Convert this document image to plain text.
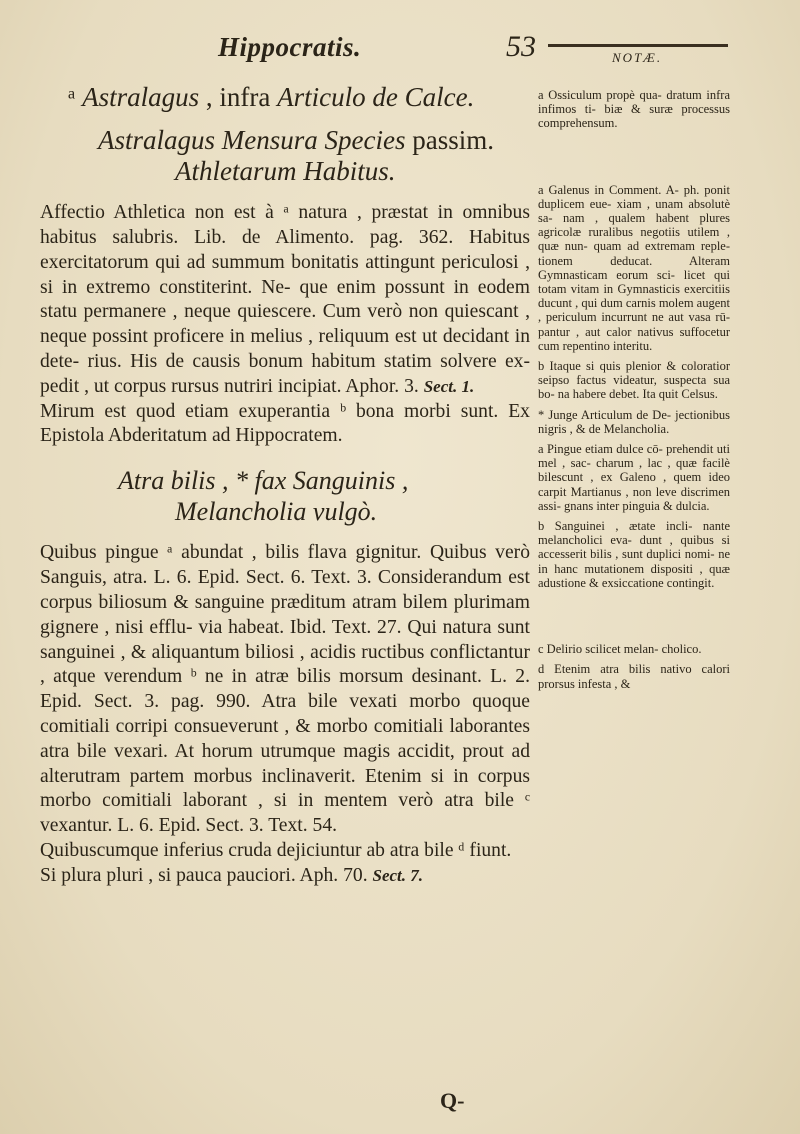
Hippocratis.	53	NOTÆ.
ᵃ Astralagus , infra Articulo de Calce.
Astralagus Mensura Species passim.
Athletarum Habitus.

Affectio Athletica non est à ᵃ natura , præstat in omnibus habitus salubris. Lib. de Alimento. pag. 362. Habitus exercitatorum qui ad summum bonitatis attingunt periculosi , si in extremo constiterint. Ne- que enim possunt in eodem statu permanere , neque quiescere. Cum verò non quiescant , neque possint proficere in melius , reliquum est ut decidant in dete- rius. His de causis bonum habitum statim solvere ex- pedit , ut corpus rursus nutriri incipiat. Aphor. 3. Sect. 1.

Mirum est quod etiam exuperantia ᵇ bona morbi sunt. Ex Epistola Abderitatum ad Hippocratem.

Atra bilis , * fax Sanguinis ,
Melancholia vulgò.

Quibus pingue ᵃ abundat , bilis flava gignitur. Quibus verò Sanguis, atra. L. 6. Epid. Sect. 6. Text. 3. Considerandum est corpus biliosum & sanguine præditum atram bilem plurimam gignere , nisi efflu- via habeat. Ibid. Text. 27. Qui natura sunt sanguinei , & aliquantum biliosi , acidis ructibus conflictantur , atque verendum ᵇ ne in atræ bilis morsum desinant. L. 2. Epid. Sect. 3. pag. 990. Atra bile vexati morbo quoque comitiali corripi consueverunt , & morbo comitiali laborantes atra bile vexari. At horum utrumque magis accidit, prout ad alterutram partem morbus inclinaverit. Etenim si in corpus morbo comitiali laborant , si in mentem verò atra bile ᶜ vexantur. L. 6. Epid. Sect. 3. Text. 54.

Quibuscumque inferius cruda dejiciuntur ab atra bile ᵈ fiunt. Si plura pluri , si pauca pauciori. Aph. 70. Sect. 7.

a Ossiculum propè qua- dratum infra infimos ti- biæ & suræ processus comprehensum.

a Galenus in Comment. A- ph. ponit duplicem eue- xiam , unam absolutè sa- nam , qualem habent plures agricolæ ruralibus negotiis utilem , quæ nun- quam ad extremam reple- tionem deducat. Alteram Gymnasticam eorum sci- licet qui totam vitam in Gymnasticis exercitiis ducunt , qui dum carnis molem augent , periculum incurrunt ne aut vasa rū- pantur , aut calor nativus suffocetur cum repentino interitu.

b Itaque si quis plenior & coloratior seipso factus videatur, suspecta sua bo- na habere debet. Ita quit Celsus.

* Junge Articulum de De- jectionibus nigris , & de Melancholia.

a Pingue etiam dulce cō- prehendit uti mel , sac- charum , lac , quæ facilè bilescunt , ex Galeno , quem ideo carpit Martianus , non leve discrimen assi- gnans inter pinguia & dulcia.

b Sanguinei , ætate incli- nante melancholici eva- dunt , quibus si accesserit bilis , sunt duplici nomi- ne in hanc mutationem dispositi , quæ adustione & exsiccatione contingit.

c Delirio scilicet melan- cholico.

d Etenim atra bilis nativo calori prorsus infesta , &

Q-
